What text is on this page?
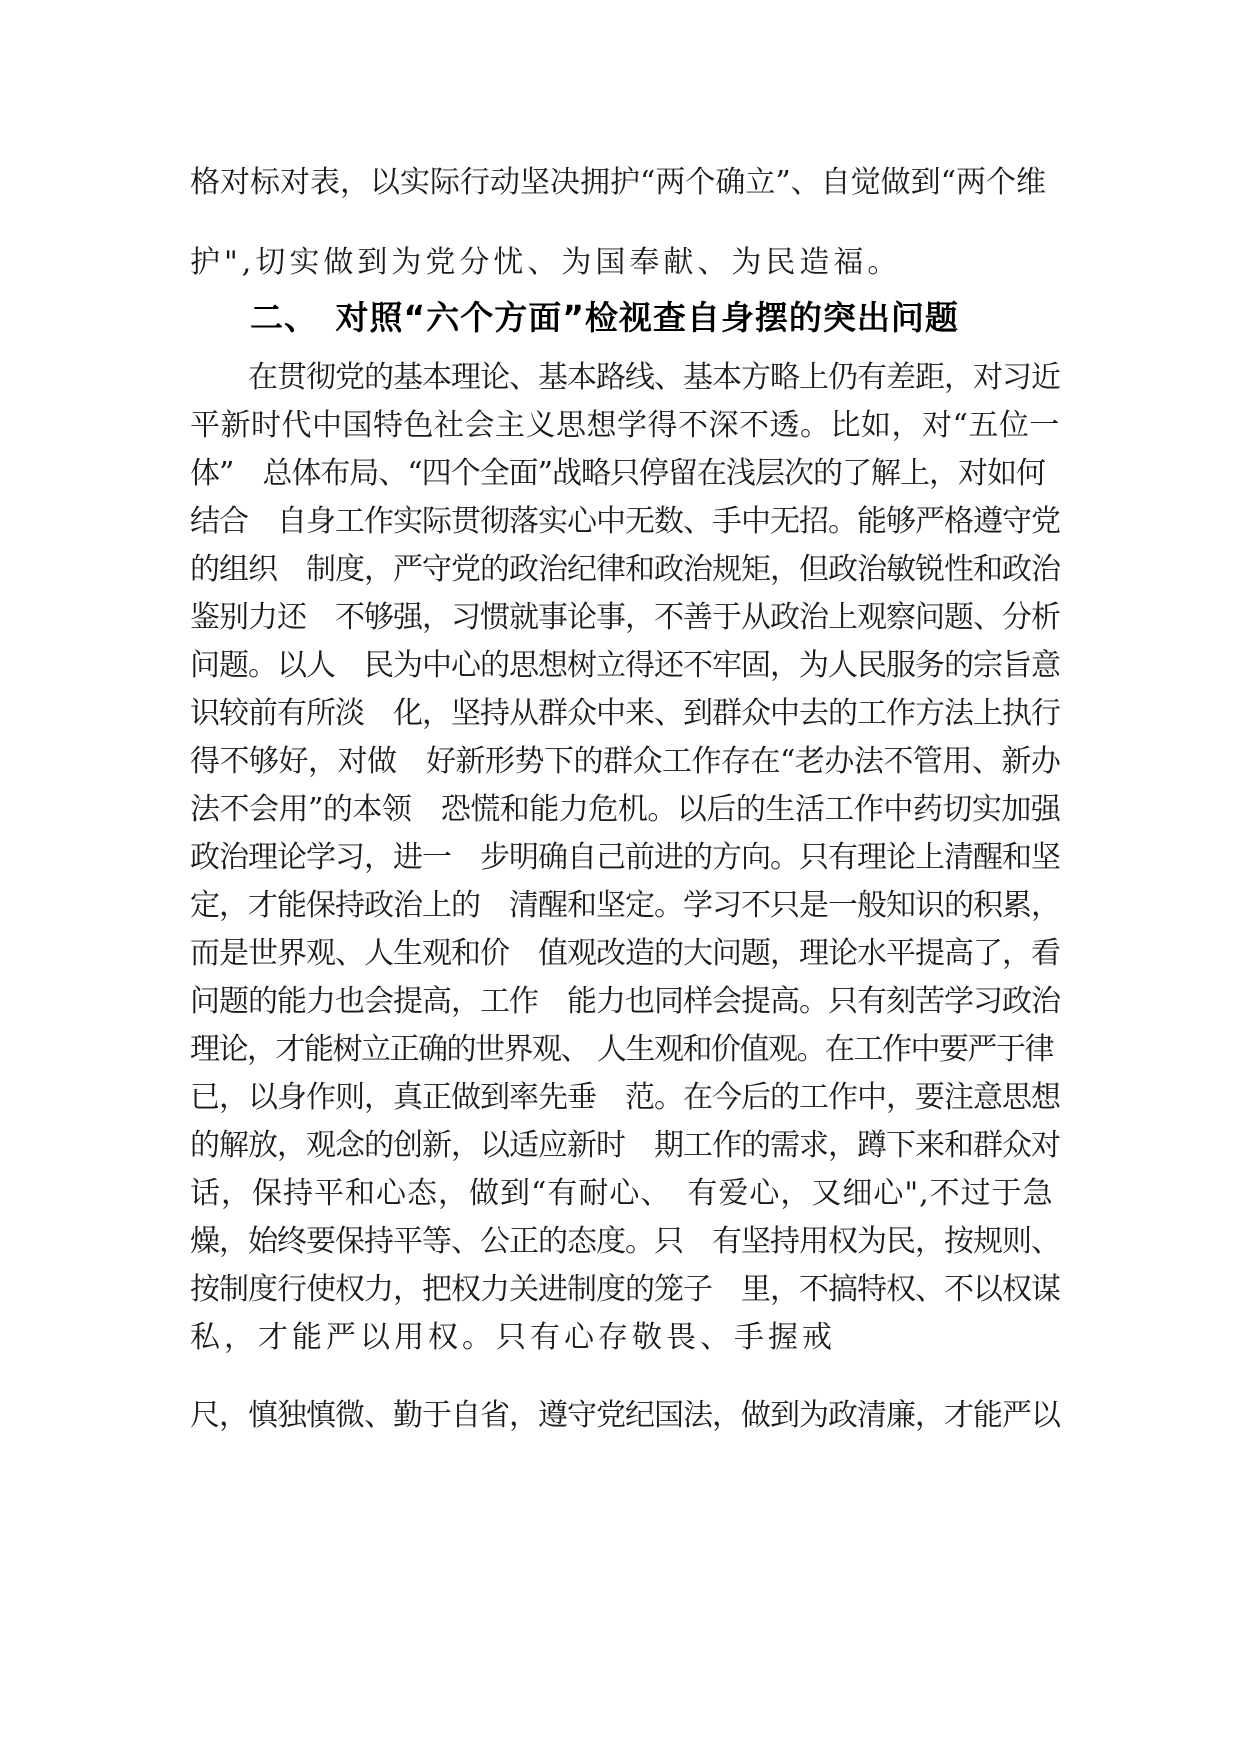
格对标对表，以实际行动坚决拥护“两个确立”、自觉做到“两个维
护",切实做到为党分忧、为国奉献、为民造福。
二、　对照“六个方面”检视查自身摆的突出问题
　　在贯彻党的基本理论、基本路线、基本方略上仍有差距，对习近
平新时代中国特色社会主义思想学得不深不透。比如，对“五位一
体”　总体布局、“四个全面”战略只停留在浅层次的了解上，对如何
结合　自身工作实际贯彻落实心中无数、手中无招。能够严格遵守党
的组织　制度，严守党的政治纪律和政治规矩，但政治敏锐性和政治
鉴别力还　不够强，习惯就事论事，不善于从政治上观察问题、分析
问题。以人　民为中心的思想树立得还不牢固，为人民服务的宗旨意
识较前有所淡　化，坚持从群众中来、到群众中去的工作方法上执行
得不够好，对做　好新形势下的群众工作存在“老办法不管用、新办
法不会用”的本领　恐慌和能力危机。以后的生活工作中药切实加强
政治理论学习，进一　步明确自己前进的方向。只有理论上清醒和坚
定，才能保持政治上的　清醒和坚定。学习不只是一般知识的积累，
而是世界观、人生观和价　值观改造的大问题，理论水平提高了，看
问题的能力也会提高，工作　能力也同样会提高。只有刻苦学习政治
理论，才能树立正确的世界观、 人生观和价值观。在工作中要严于律
已，以身作则，真正做到率先垂　范。在今后的工作中，要注意思想
的解放，观念的创新，以适应新时　期工作的需求，蹲下来和群众对
话，保持平和心态，做到“有耐心、　有爱心，又细心",不过于急
燥，始终要保持平等、公正的态度。只　有坚持用权为民，按规则、
按制度行使权力，把权力关进制度的笼子　里，不搞特权、不以权谋
私，才能严以用权。只有心存敬畏、手握戒
尺，慎独慎微、勤于自省，遵守党纪国法，做到为政清廉，才能严以
